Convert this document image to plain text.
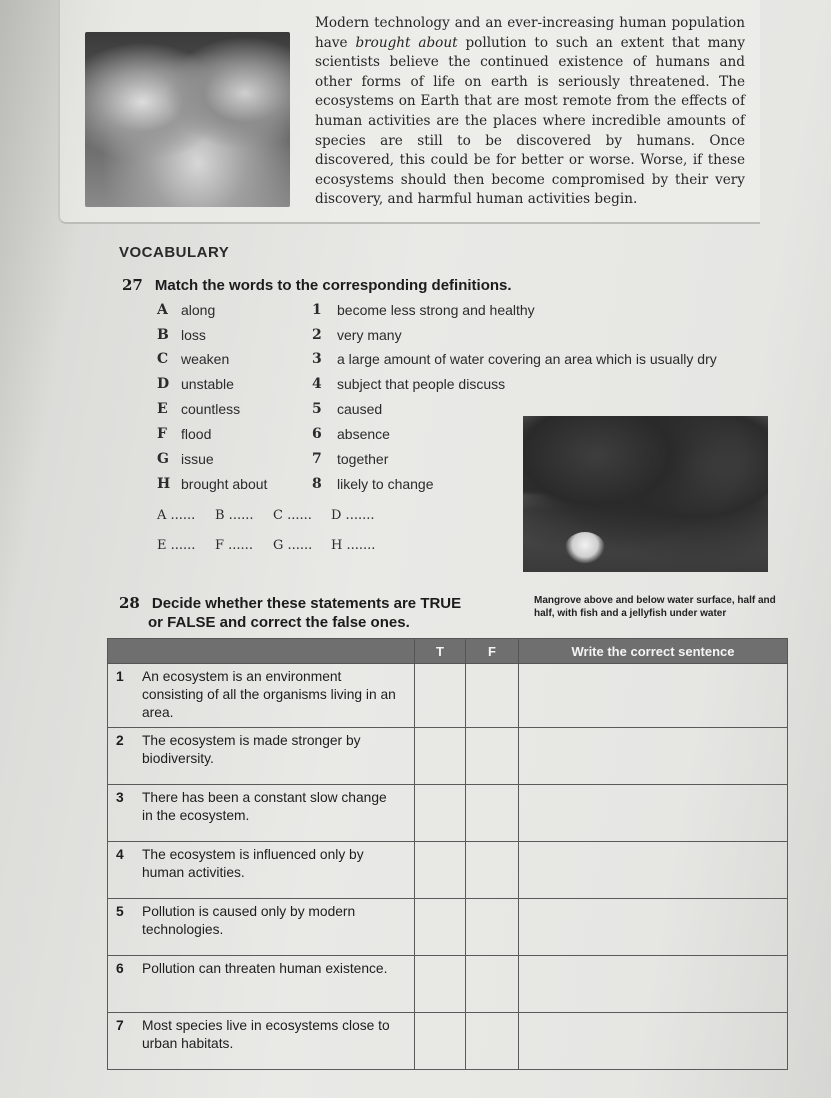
Modern technology and an ever-increasing human population have brought about pollution to such an extent that many scientists believe the continued existence of humans and other forms of life on earth is seriously threatened. The ecosystems on Earth that are most remote from the effects of human activities are the places where incredible amounts of species are still to be discovered by humans. Once discovered, this could be for better or worse. Worse, if these ecosystems should then become compromised by their very discovery, and harmful human activities begin.

VOCABULARY
27 Match the words to the corresponding definitions.
A along	1 become less strong and healthy
B loss	2 very many
C weaken	3 a large amount of water covering an area which is usually dry
D unstable	4 subject that people discuss
E countless	5 caused
F flood	6 absence
G issue	7 together
H brought about	8 likely to change
A ...... B ...... C ...... D .......
E ...... F ...... G ...... H .......
Mangrove above and below water surface, half and half, with fish and a jellyfish under water
28 Decide whether these statements are TRUE
or FALSE and correct the false ones.
	T	F	Write the correct sentence
1 An ecosystem is an environment consisting of all the organisms living in an area.			
2 The ecosystem is made stronger by biodiversity.			
3 There has been a constant slow change in the ecosystem.			
4 The ecosystem is influenced only by human activities.			
5 Pollution is caused only by modern technologies.			
6 Pollution can threaten human existence.			
7 Most species live in ecosystems close to urban habitats.			
